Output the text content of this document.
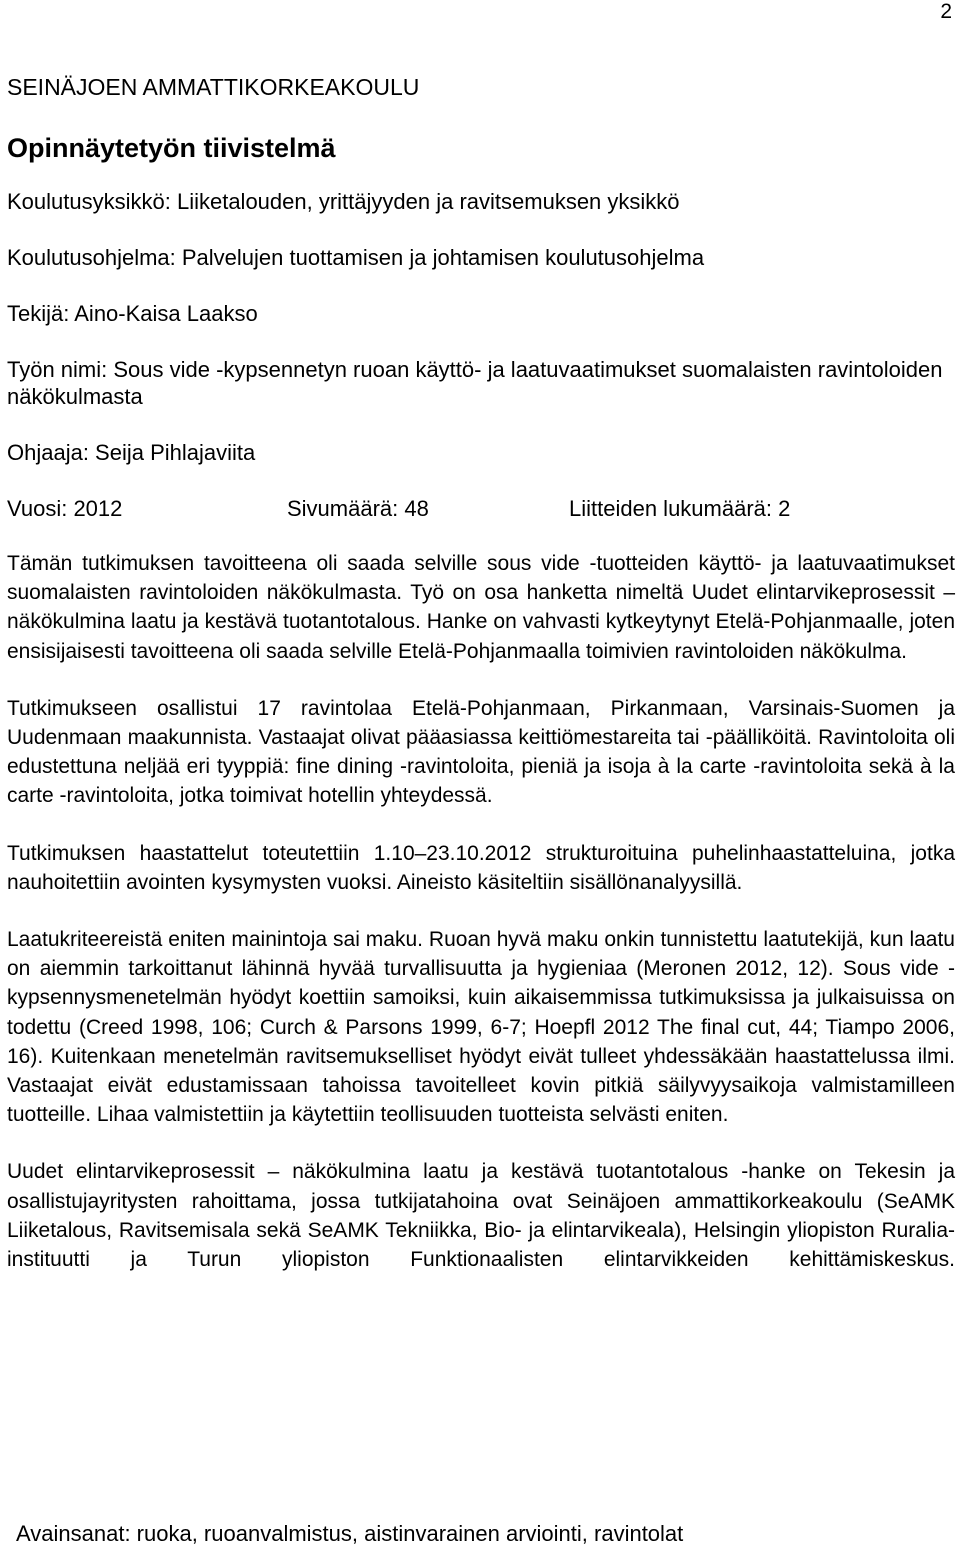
2
SEINÄJOEN AMMATTIKORKEAKOULU
Opinnäytetyön tiivistelmä
Koulutusyksikkö: Liiketalouden, yrittäjyyden ja ravitsemuksen yksikkö
Koulutusohjelma: Palvelujen tuottamisen ja johtamisen koulutusohjelma
Tekijä: Aino-Kaisa Laakso
Työn nimi: Sous vide -kypsennetyn ruoan käyttö- ja laatuvaatimukset suomalaisten ravintoloiden näkökulmasta
Ohjaaja: Seija Pihlajaviita
Vuosi: 2012	Sivumäärä: 48	Liitteiden lukumäärä: 2

Tämän tutkimuksen tavoitteena oli saada selville sous vide -tuotteiden käyttö- ja laatuvaatimukset suomalaisten ravintoloiden näkökulmasta. Työ on osa hanketta nimeltä Uudet elintarvikeprosessit – näkökulmina laatu ja kestävä tuotantotalous. Hanke on vahvasti kytkeytynyt Etelä-Pohjanmaalle, joten ensisijaisesti tavoitteena oli saada selville Etelä-Pohjanmaalla toimivien ravintoloiden näkökulma.

Tutkimukseen osallistui 17 ravintolaa Etelä-Pohjanmaan, Pirkanmaan, Varsinais-Suomen ja Uudenmaan maakunnista. Vastaajat olivat pääasiassa keittiömestareita tai -päälliköitä. Ravintoloita oli edustettuna neljää eri tyyppiä: fine dining -ravintoloita, pieniä ja isoja à la carte -ravintoloita sekä à la carte -ravintoloita, jotka toimivat hotellin yhteydessä.

Tutkimuksen haastattelut toteutettiin 1.10–23.10.2012 strukturoituina puhelinhaastatteluina, jotka nauhoitettiin avointen kysymysten vuoksi. Aineisto käsiteltiin sisällönanalyysillä.

Laatukriteereistä eniten mainintoja sai maku. Ruoan hyvä maku onkin tunnistettu laatutekijä, kun laatu on aiemmin tarkoittanut lähinnä hyvää turvallisuutta ja hygieniaa (Meronen 2012, 12). Sous vide -kypsennysmenetelmän hyödyt koettiin samoiksi, kuin aikaisemmissa tutkimuksissa ja julkaisuissa on todettu (Creed 1998, 106; Curch & Parsons 1999, 6-7; Hoepfl 2012 The final cut, 44; Tiampo 2006, 16). Kuitenkaan menetelmän ravitsemukselliset hyödyt eivät tulleet yhdessäkään haastattelussa ilmi. Vastaajat eivät edustamissaan tahoissa tavoitelleet kovin pitkiä säilyvyysaikoja valmistamilleen tuotteille. Lihaa valmistettiin ja käytettiin teollisuuden tuotteista selvästi eniten.

Uudet elintarvikeprosessit – näkökulmina laatu ja kestävä tuotantotalous -hanke on Tekesin ja osallistujayritysten rahoittama, jossa tutkijatahoina ovat Seinäjoen ammattikorkeakoulu (SeAMK Liiketalous, Ravitsemisala sekä SeAMK Tekniikka, Bio- ja elintarvikeala), Helsingin yliopiston Ruralia-instituutti ja Turun yliopiston Funktionaalisten elintarvikkeiden kehittämiskeskus.

Avainsanat: ruoka, ruoanvalmistus, aistinvarainen arviointi, ravintolat
